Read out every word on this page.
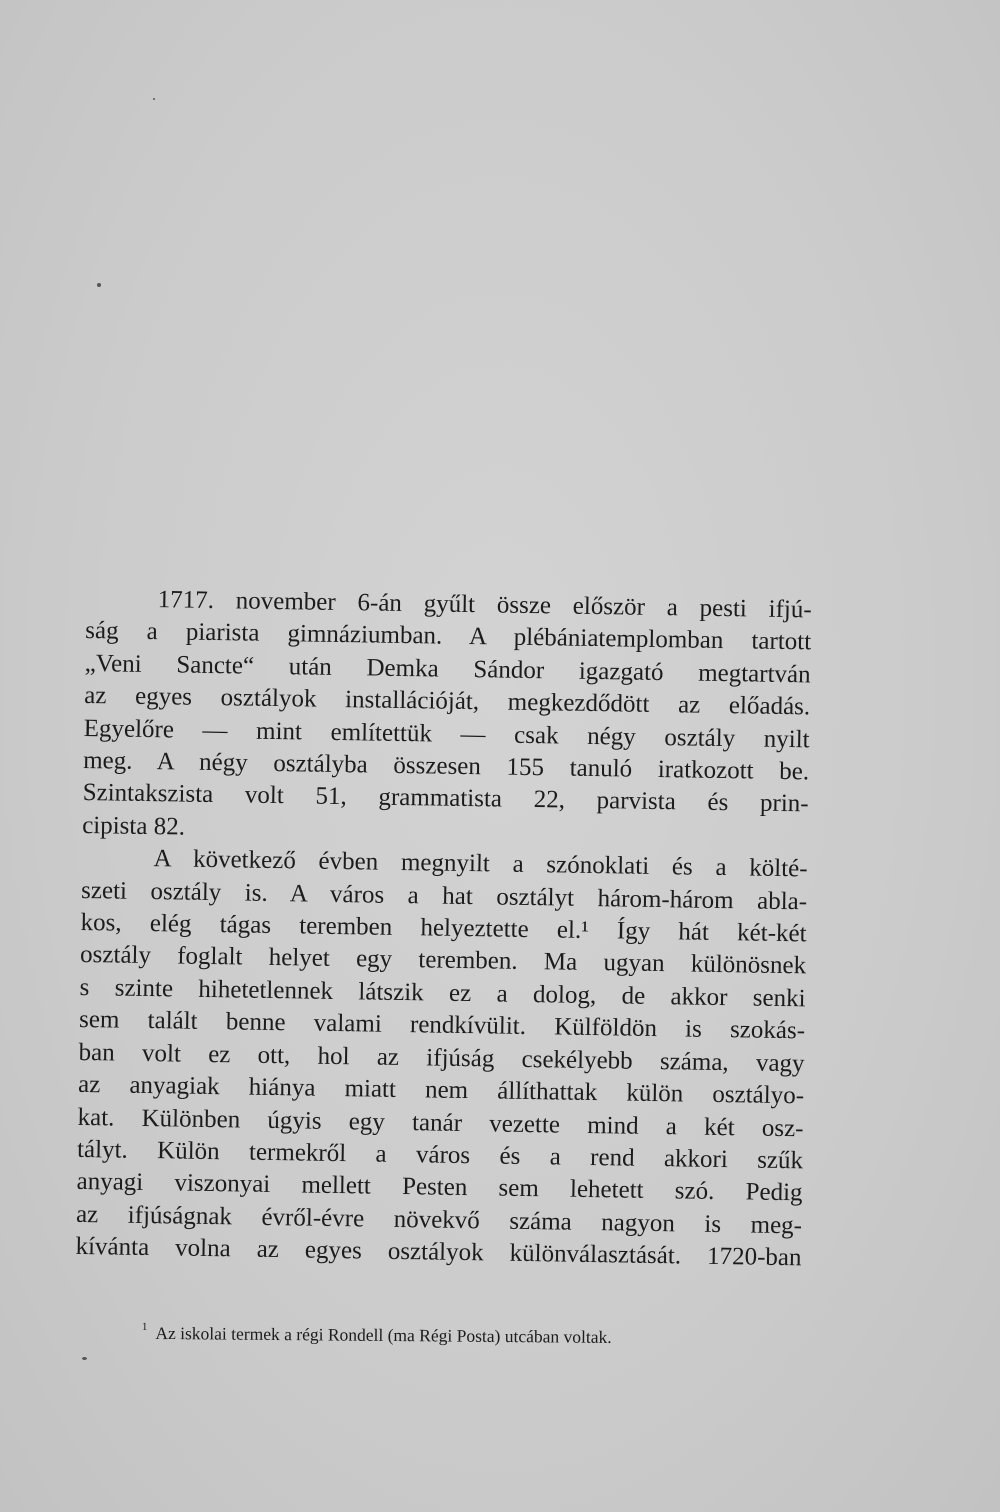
1717. november 6-án gyűlt össze először a pesti ifjú-
ság a piarista gimnáziumban. A plébániatemplomban tartott
„Veni Sancte“ után Demka Sándor igazgató megtartván
az egyes osztályok installációját, megkezdődött az előadás.
Egyelőre — mint említettük — csak négy osztály nyilt
meg. A négy osztályba összesen 155 tanuló iratkozott be.
Szintakszista volt 51, grammatista 22, parvista és prin-
cipista 82.

A következő évben megnyilt a szónoklati és a költé-
szeti osztály is. A város a hat osztályt három-három abla-
kos, elég tágas teremben helyeztette el.¹ Így hát két-két
osztály foglalt helyet egy teremben. Ma ugyan különösnek
s szinte hihetetlennek látszik ez a dolog, de akkor senki
sem talált benne valami rendkívülit. Külföldön is szokás-
ban volt ez ott, hol az ifjúság csekélyebb száma, vagy
az anyagiak hiánya miatt nem állíthattak külön osztályo-
kat. Különben úgyis egy tanár vezette mind a két osz-
tályt. Külön termekről a város és a rend akkori szűk
anyagi viszonyai mellett Pesten sem lehetett szó. Pedig
az ifjúságnak évről-évre növekvő száma nagyon is meg-
kívánta volna az egyes osztályok különválasztását. 1720-ban

$^1$ Az iskolai termek a régi Rondell (ma Régi Posta) utcában voltak.
